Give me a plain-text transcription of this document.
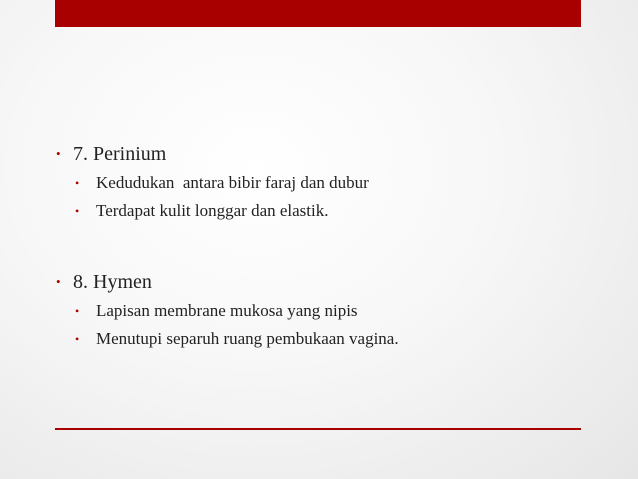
• 7. Perinium
• Kedudukan  antara bibir faraj dan dubur
• Terdapat kulit longgar dan elastik.
• 8. Hymen
• Lapisan membrane mukosa yang nipis
• Menutupi separuh ruang pembukaan vagina.
